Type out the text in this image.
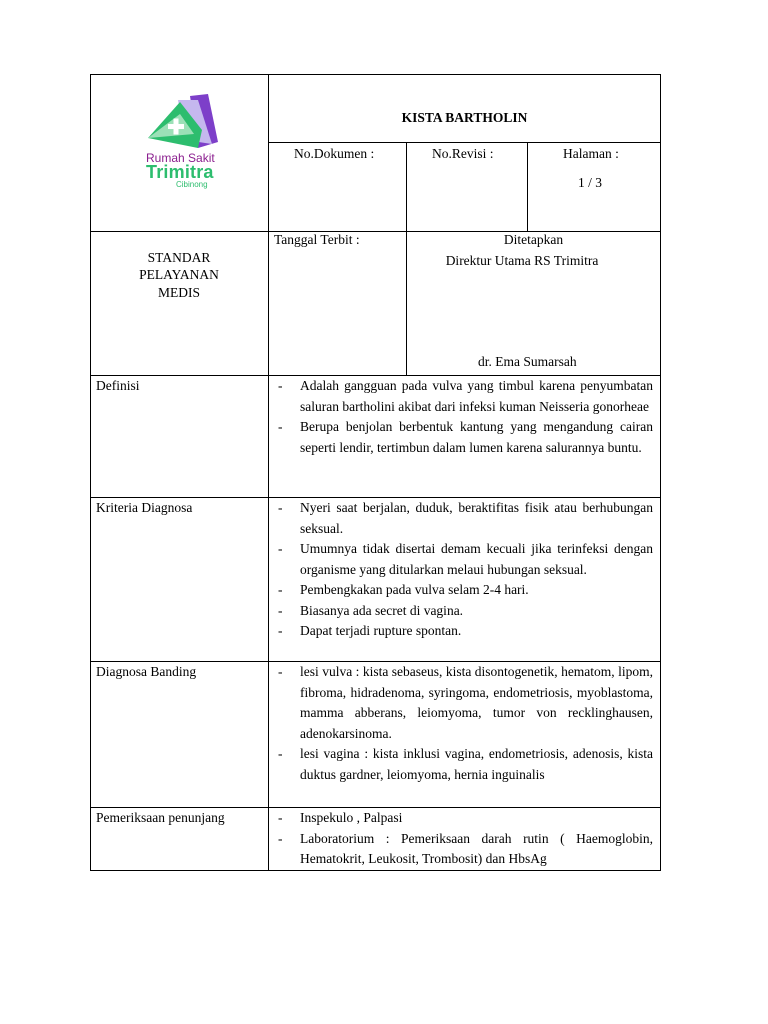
Rumah Sakit
Trimitra
Cibinong
KISTA BARTHOLIN
No.Dokumen :	No.Revisi :	Halaman :
1 / 3
STANDAR
PELAYANAN
MEDIS
Tanggal Terbit :	Ditetapkan
Direktur Utama RS Trimitra
dr. Ema Sumarsah
Definisi	- Adalah gangguan pada vulva yang timbul karena penyumbatan saluran bartholini akibat dari infeksi kuman Neisseria gonorheae
- Berupa benjolan berbentuk kantung yang mengandung cairan seperti lendir, tertimbun dalam lumen karena salurannya buntu.
Kriteria Diagnosa	- Nyeri saat berjalan, duduk, beraktifitas fisik atau berhubungan seksual.
- Umumnya tidak disertai demam kecuali jika terinfeksi dengan organisme yang ditularkan melaui hubungan seksual.
- Pembengkakan pada vulva selam 2-4 hari.
- Biasanya ada secret di vagina.
- Dapat terjadi rupture spontan.
Diagnosa Banding	- lesi vulva : kista sebaseus, kista disontogenetik, hematom, lipom, fibroma, hidradenoma, syringoma, endometriosis, myoblastoma, mamma abberans, leiomyoma, tumor von recklinghausen, adenokarsinoma.
- lesi vagina : kista inklusi vagina, endometriosis, adenosis, kista duktus gardner, leiomyoma, hernia inguinalis
Pemeriksaan penunjang	- Inspekulo , Palpasi
- Laboratorium : Pemeriksaan darah rutin ( Haemoglobin, Hematokrit, Leukosit, Trombosit) dan HbsAg
